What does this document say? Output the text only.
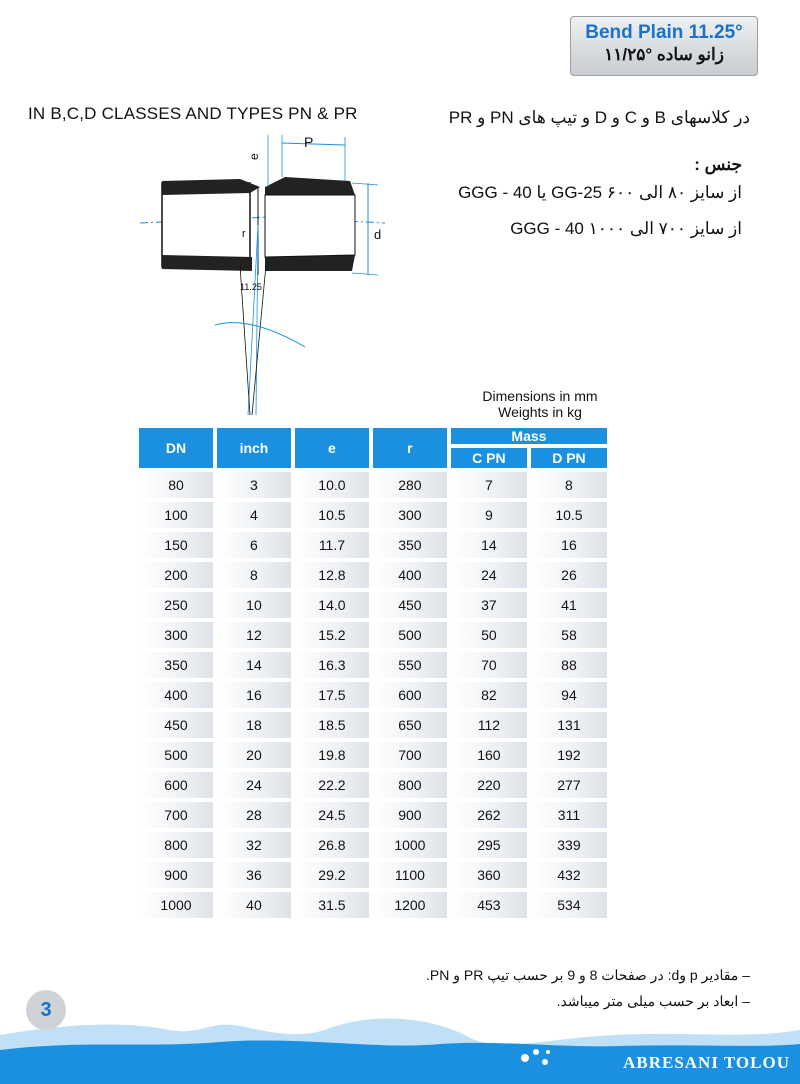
Bend Plain 11.25°
زانو ساده °۱۱/۲۵
IN B,C,D CLASSES AND TYPES PN & PR	در کلاسهای B و C و D و تیپ های PN و PR
جنس :
از سایز ۸۰ الی ۶۰۰ GG-25 یا GGG - 40
از سایز ۷۰۰ الی ۱۰۰۰ GGG - 40
P
e
d
r
11.25
Dimensions in mm
Weights in kg
DN	inch	e	r	Mass	
				C PN	D PN
80	3	10.0	280	7	8
100	4	10.5	300	9	10.5
150	6	11.7	350	14	16
200	8	12.8	400	24	26
250	10	14.0	450	37	41
300	12	15.2	500	50	58
350	14	16.3	550	70	88
400	16	17.5	600	82	94
450	18	18.5	650	112	131
500	20	19.8	700	160	192
600	24	22.2	800	220	277
700	28	24.5	900	262	311
800	32	26.8	1000	295	339
900	36	29.2	1100	360	432
1000	40	31.5	1200	453	534
– مقادیر p وd: در صفحات 8 و 9 بر حسب تیپ PR و PN.
– ابعاد بر حسب میلی متر میباشد.
3
ABRESANI TOLOU
